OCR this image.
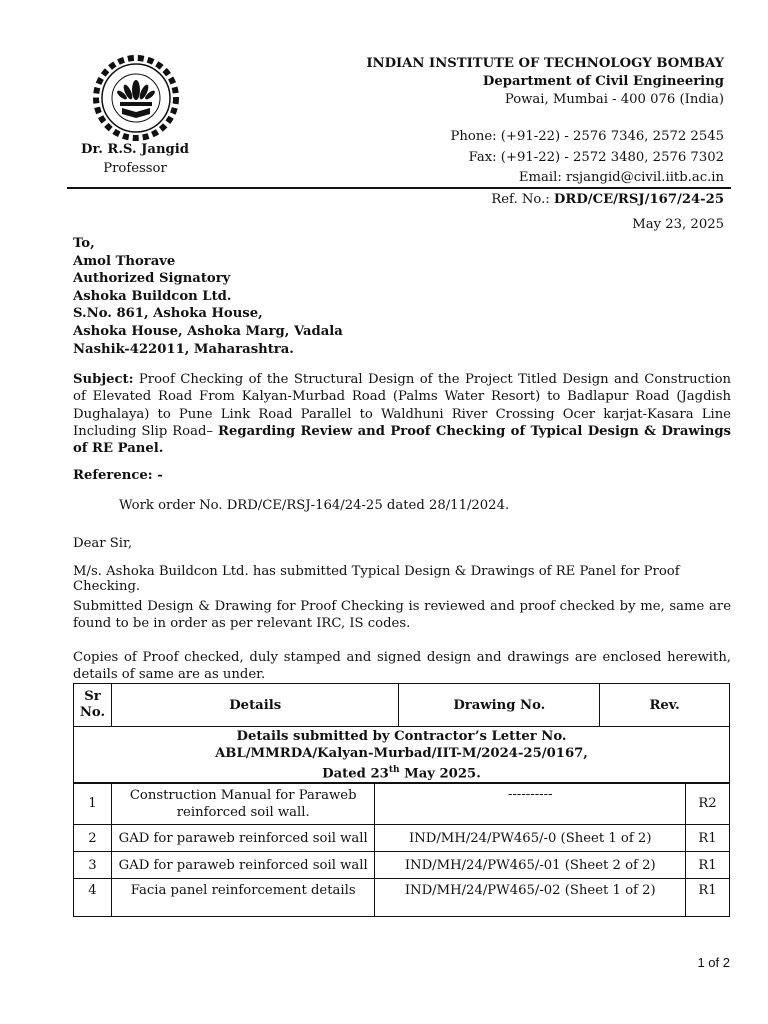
Dr. R.S. Jangid
Professor
INDIAN INSTITUTE OF TECHNOLOGY BOMBAY
Department of Civil Engineering
Powai, Mumbai - 400 076 (India)
Phone: (+91-22) - 2576 7346, 2572 2545
Fax: (+91-22) - 2572 3480, 2576 7302
Email: rsjangid@civil.iitb.ac.in
Ref. No.: DRD/CE/RSJ/167/24-25
May 23, 2025
To,
Amol Thorave
Authorized Signatory
Ashoka Buildcon Ltd.
S.No. 861, Ashoka House,
Ashoka House, Ashoka Marg, Vadala
Nashik-422011, Maharashtra.
Subject: Proof Checking of the Structural Design of the Project Titled Design and Construction of Elevated Road From Kalyan-Murbad Road (Palms Water Resort) to Badlapur Road (Jagdish Dughalaya) to Pune Link Road Parallel to Waldhuni River Crossing Ocer karjat-Kasara Line Including Slip Road– Regarding Review and Proof Checking of Typical Design & Drawings of RE Panel.
Reference: -
Work order No. DRD/CE/RSJ-164/24-25 dated 28/11/2024.
Dear Sir,
M/s. Ashoka Buildcon Ltd. has submitted Typical Design & Drawings of RE Panel for Proof Checking.
Submitted Design & Drawing for Proof Checking is reviewed and proof checked by me, same are found to be in order as per relevant IRC, IS codes.
Copies of Proof checked, duly stamped and signed design and drawings are enclosed herewith, details of same are as under.
Sr No.	Details	Drawing No.	Rev.

Details submitted by Contractor’s Letter No.
ABL/MMRDA/Kalyan-Murbad/IIT-M/2024-25/0167,
Dated 23th May 2025.
1	Construction Manual for Paraweb reinforced soil wall.	----------	R2
2	GAD for paraweb reinforced soil wall	IND/MH/24/PW465/-0 (Sheet 1 of 2)	R1
3	GAD for paraweb reinforced soil wall	IND/MH/24/PW465/-01 (Sheet 2 of 2)	R1
4	Facia panel reinforcement details	IND/MH/24/PW465/-02 (Sheet 1 of 2)	R1
1 of 2
